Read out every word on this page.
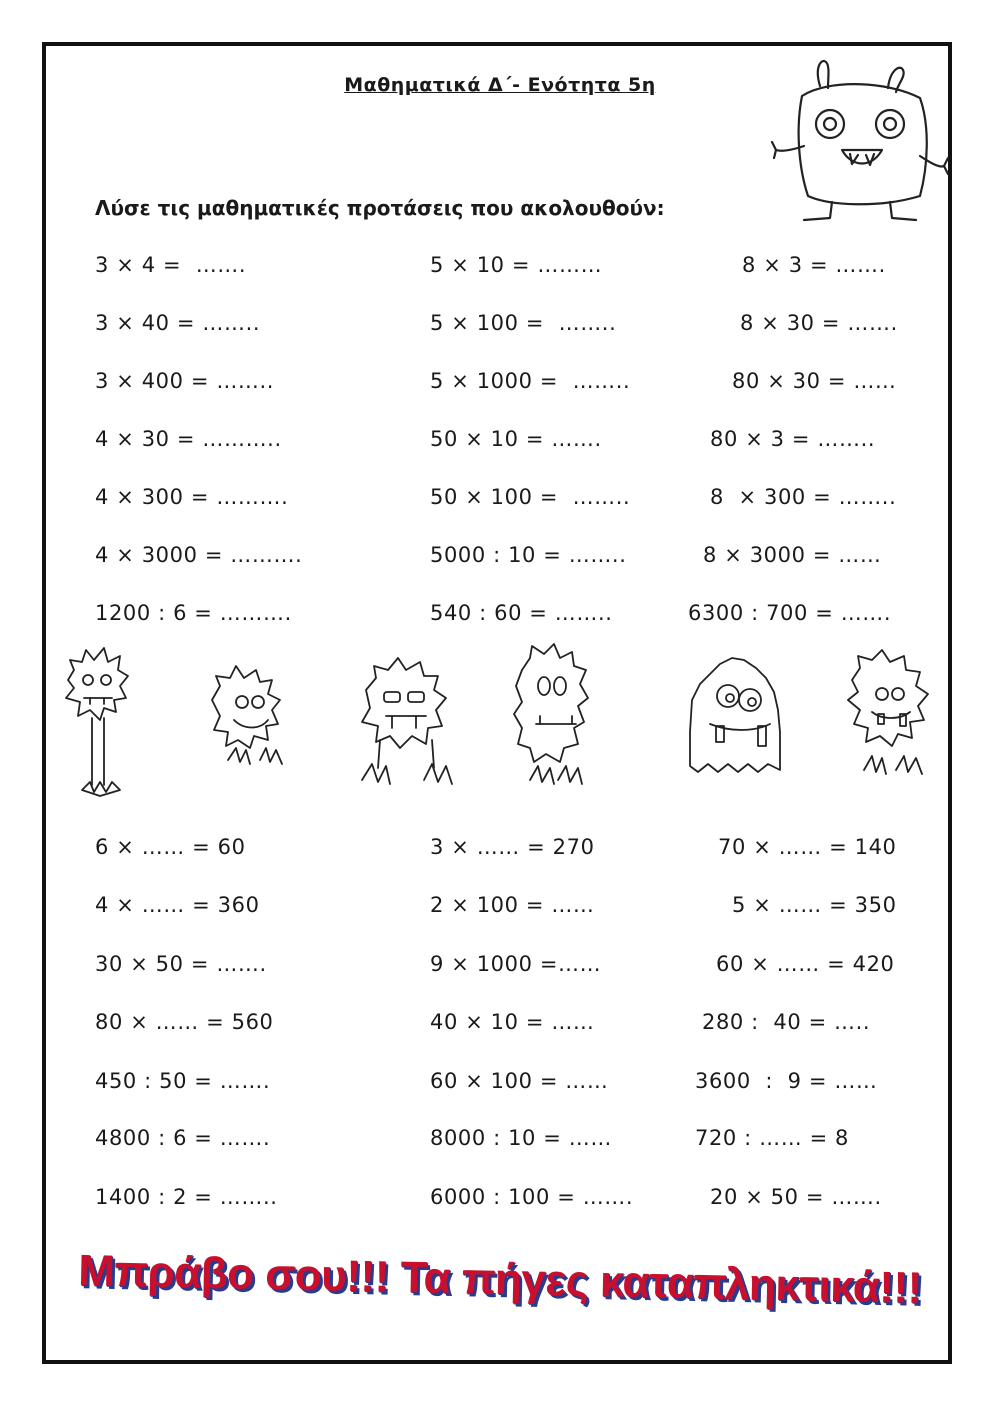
Μαθηματικά Δ΄- Ενότητα 5η
Λύσε τις μαθηματικές προτάσεις που ακολουθούν:
3 × 4 =  …….	5 × 10 = ………	8 × 3 = …….
3 × 40 = ……..	5 × 100 =  ……..	8 × 30 = …….
3 × 400 = ……..	5 × 1000 =  ……..	80 × 30 = ……
4 × 30 = ………..	50 × 10 = …….	80 × 3 = ……..
4 × 300 = ……….	50 × 100 =  ……..	8  × 300 = ……..
4 × 3000 = ……….	5000 : 10 = ……..	8 × 3000 = ……
1200 : 6 = ……….	540 : 60 = ……..	6300 : 700 = …….
6 × …… = 60	3 × …… = 270	70 × …… = 140
4 × …… = 360	2 × 100 = ……	5 × …… = 350
30 × 50 = …….	9 × 1000 =……	60 × …… = 420
80 × …… = 560	40 × 10 = ……	280 :  40 = …..
450 : 50 = …….	60 × 100 = ……	3600  :  9 = ……
4800 : 6 = …….	8000 : 10 = ……	720 : …… = 8
1400 : 2 = ……..	6000 : 100 = …….	20 × 50 = …….
Μπράβο σου!!! Τα πήγες καταπληκτικά!!!
